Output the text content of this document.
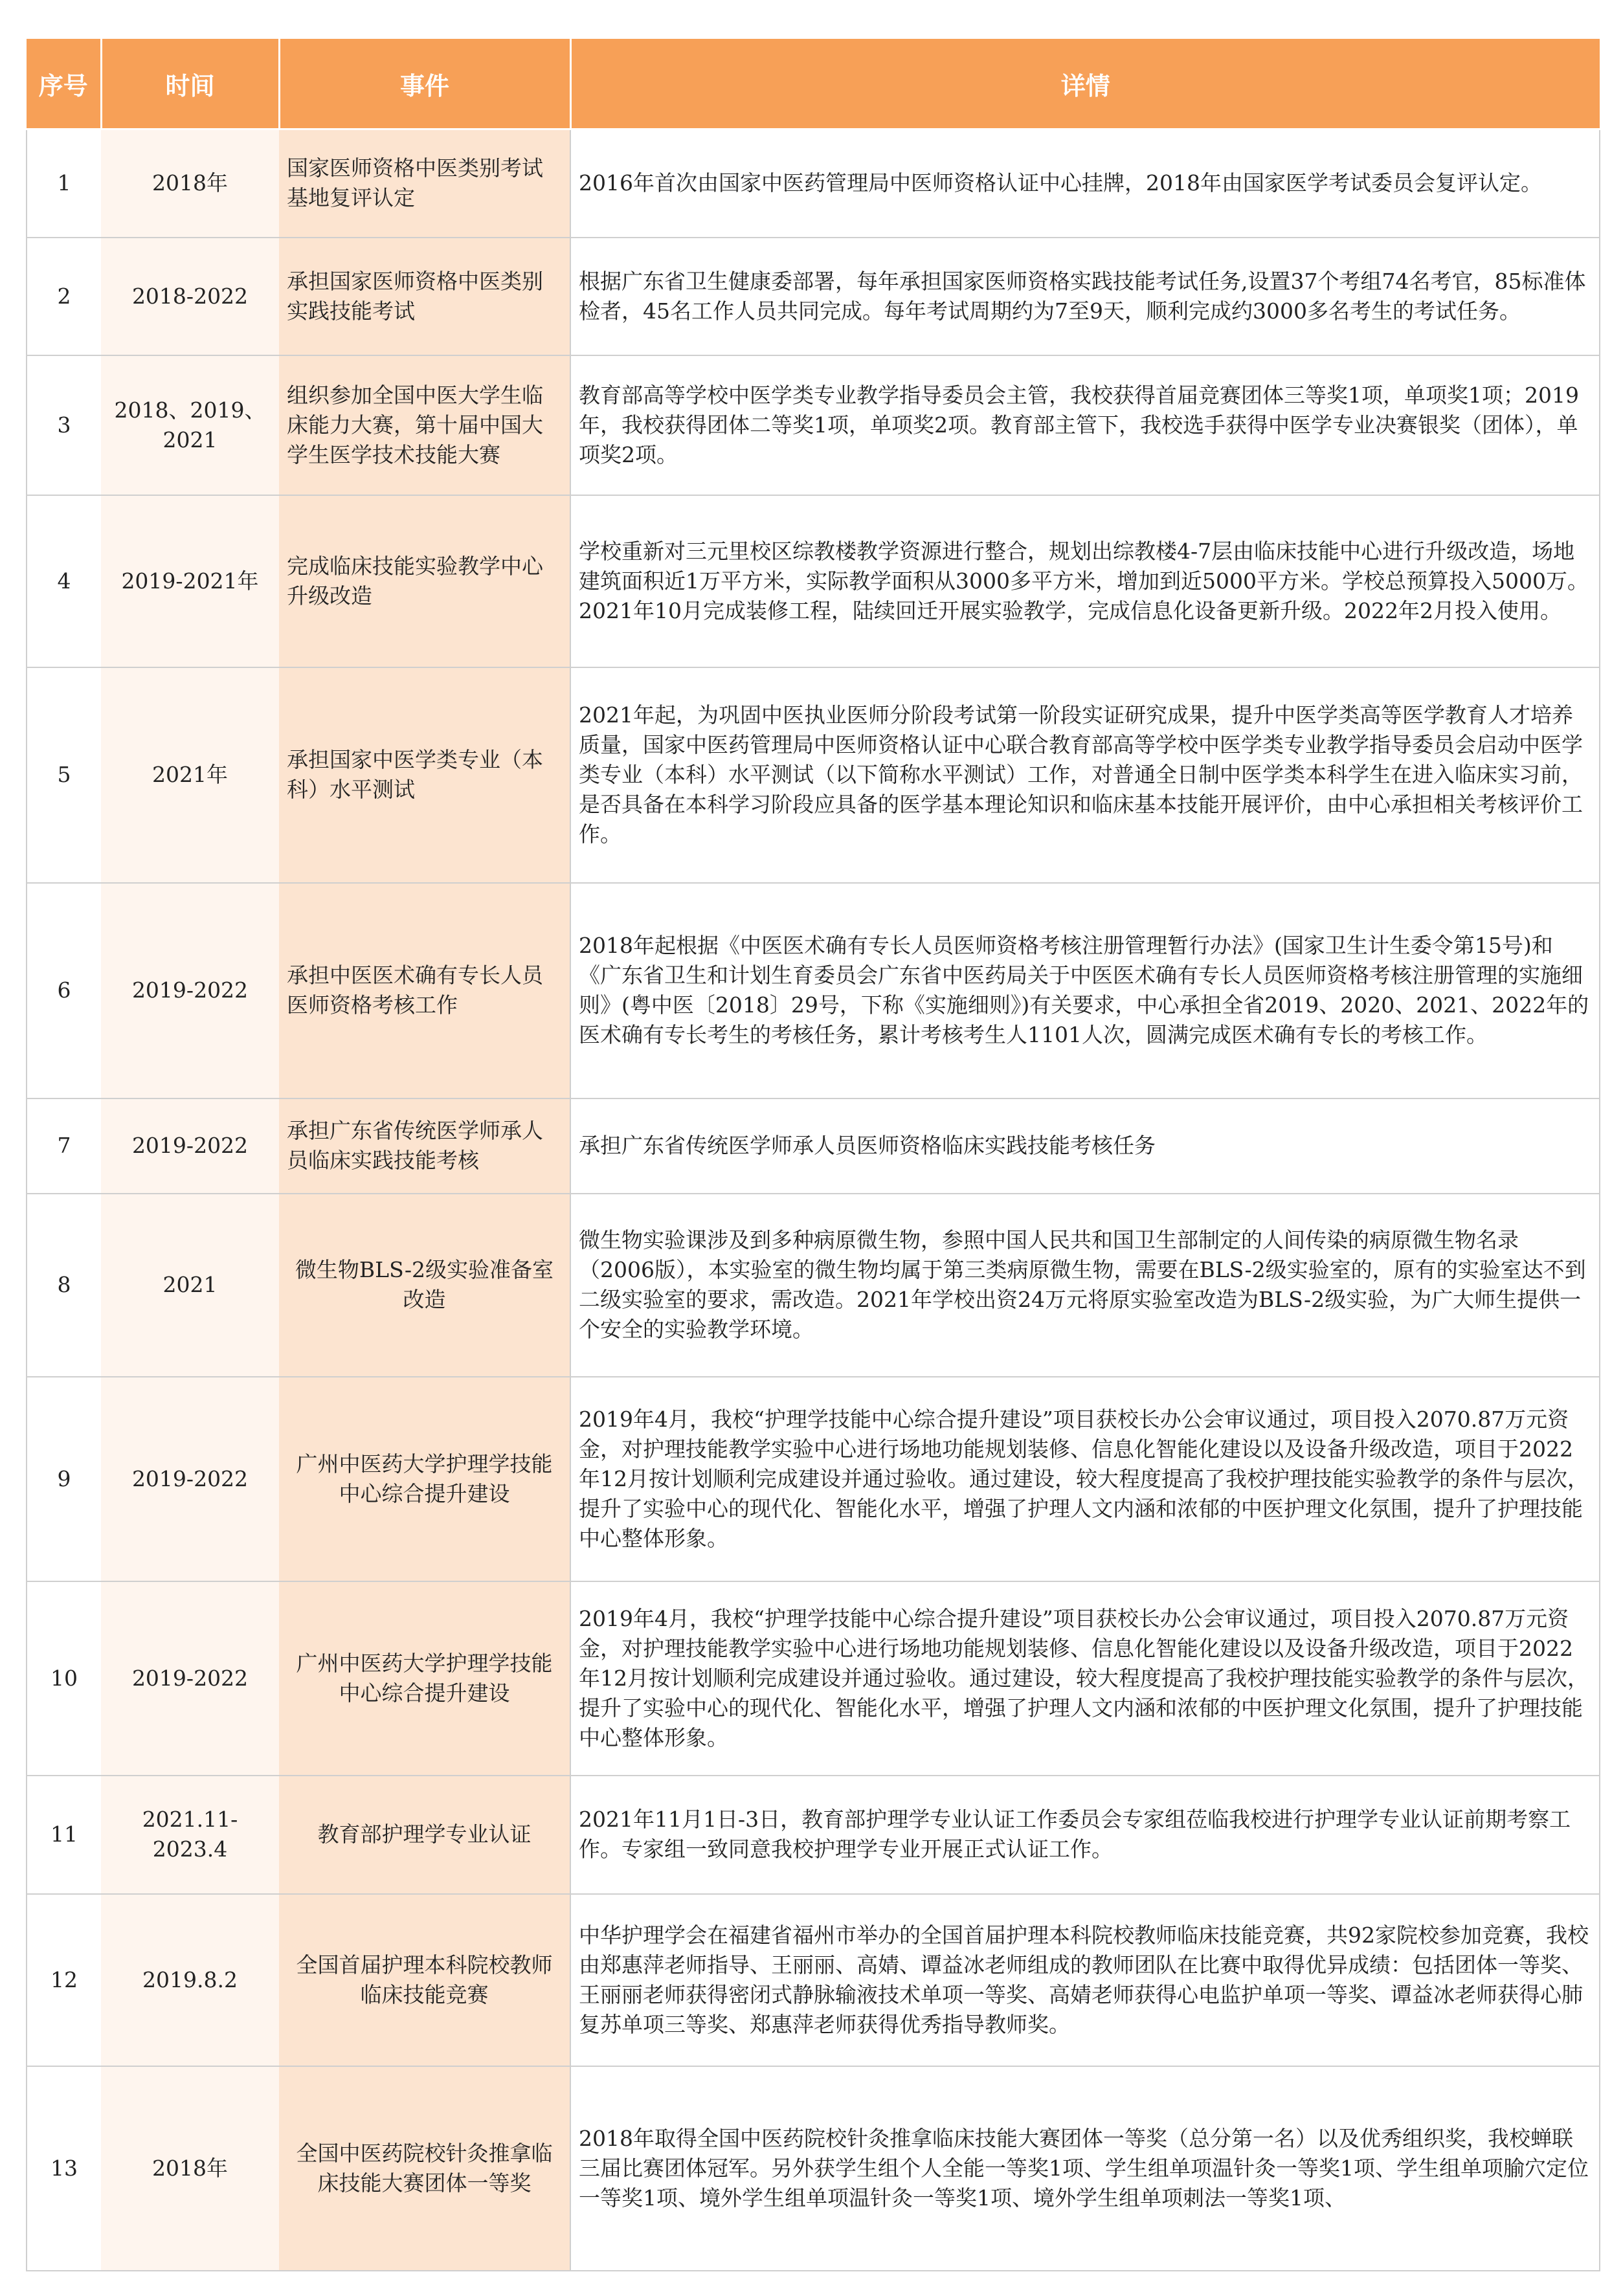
序号	时间	事件	详情
1	2018年	国家医师资格中医类别考试基地复评认定	2016年首次由国家中医药管理局中医师资格认证中心挂牌，2018年由国家医学考试委员会复评认定。
2	2018-2022	承担国家医师资格中医类别实践技能考试	根据广东省卫生健康委部署，每年承担国家医师资格实践技能考试任务,设置37个考组74名考官，85标准体检者，45名工作人员共同完成。每年考试周期约为7至9天，顺利完成约3000多名考生的考试任务。
3	2018、2019、2021	组织参加全国中医大学生临床能力大赛，第十届中国大学生医学技术技能大赛	教育部高等学校中医学类专业教学指导委员会主管，我校获得首届竞赛团体三等奖1项，单项奖1项；2019年，我校获得团体二等奖1项，单项奖2项。教育部主管下，我校选手获得中医学专业决赛银奖（团体），单项奖2项。
4	2019-2021年	完成临床技能实验教学中心升级改造	学校重新对三元里校区综教楼教学资源进行整合，规划出综教楼4-7层由临床技能中心进行升级改造，场地建筑面积近1万平方米，实际教学面积从3000多平方米，增加到近5000平方米。学校总预算投入5000万。2021年10月完成装修工程，陆续回迁开展实验教学，完成信息化设备更新升级。2022年2月投入使用。
5	2021年	承担国家中医学类专业（本科）水平测试	2021年起，为巩固中医执业医师分阶段考试第一阶段实证研究成果，提升中医学类高等医学教育人才培养质量，国家中医药管理局中医师资格认证中心联合教育部高等学校中医学类专业教学指导委员会启动中医学类专业（本科）水平测试（以下简称水平测试）工作，对普通全日制中医学类本科学生在进入临床实习前，是否具备在本科学习阶段应具备的医学基本理论知识和临床基本技能开展评价，由中心承担相关考核评价工作。
6	2019-2022	承担中医医术确有专长人员医师资格考核工作	2018年起根据《中医医术确有专长人员医师资格考核注册管理暂行办法》(国家卫生计生委令第15号)和《广东省卫生和计划生育委员会广东省中医药局关于中医医术确有专长人员医师资格考核注册管理的实施细则》(粤中医〔2018〕29号，下称《实施细则》)有关要求，中心承担全省2019、2020、2021、2022年的医术确有专长考生的考核任务，累计考核考生人1101人次，圆满完成医术确有专长的考核工作。
7	2019-2022	承担广东省传统医学师承人员临床实践技能考核	承担广东省传统医学师承人员医师资格临床实践技能考核任务
8	2021	微生物BLS-2级实验准备室改造	微生物实验课涉及到多种病原微生物，参照中国人民共和国卫生部制定的人间传染的病原微生物名录（2006版），本实验室的微生物均属于第三类病原微生物，需要在BLS-2级实验室的，原有的实验室达不到二级实验室的要求，需改造。2021年学校出资24万元将原实验室改造为BLS-2级实验，为广大师生提供一个安全的实验教学环境。
9	2019-2022	广州中医药大学护理学技能中心综合提升建设	2019年4月，我校“护理学技能中心综合提升建设”项目获校长办公会审议通过，项目投入2070.87万元资金，对护理技能教学实验中心进行场地功能规划装修、信息化智能化建设以及设备升级改造，项目于2022年12月按计划顺利完成建设并通过验收。通过建设，较大程度提高了我校护理技能实验教学的条件与层次，提升了实验中心的现代化、智能化水平，增强了护理人文内涵和浓郁的中医护理文化氛围，提升了护理技能中心整体形象。
10	2019-2022	广州中医药大学护理学技能中心综合提升建设	2019年4月，我校“护理学技能中心综合提升建设”项目获校长办公会审议通过，项目投入2070.87万元资金，对护理技能教学实验中心进行场地功能规划装修、信息化智能化建设以及设备升级改造，项目于2022年12月按计划顺利完成建设并通过验收。通过建设，较大程度提高了我校护理技能实验教学的条件与层次，提升了实验中心的现代化、智能化水平，增强了护理人文内涵和浓郁的中医护理文化氛围，提升了护理技能中心整体形象。
11	2021.11-2023.4	教育部护理学专业认证	2021年11月1日-3日，教育部护理学专业认证工作委员会专家组莅临我校进行护理学专业认证前期考察工作。专家组一致同意我校护理学专业开展正式认证工作。
12	2019.8.2	全国首届护理本科院校教师临床技能竞赛	中华护理学会在福建省福州市举办的全国首届护理本科院校教师临床技能竞赛，共92家院校参加竞赛，我校由郑惠萍老师指导、王丽丽、高婧、谭益冰老师组成的教师团队在比赛中取得优异成绩：包括团体一等奖、王丽丽老师获得密闭式静脉输液技术单项一等奖、高婧老师获得心电监护单项一等奖、谭益冰老师获得心肺复苏单项三等奖、郑惠萍老师获得优秀指导教师奖。
13	2018年	全国中医药院校针灸推拿临床技能大赛团体一等奖	2018年取得全国中医药院校针灸推拿临床技能大赛团体一等奖（总分第一名）以及优秀组织奖，我校蝉联三届比赛团体冠军。另外获学生组个人全能一等奖1项、学生组单项温针灸一等奖1项、学生组单项腧穴定位一等奖1项、境外学生组单项温针灸一等奖1项、境外学生组单项刺法一等奖1项、
